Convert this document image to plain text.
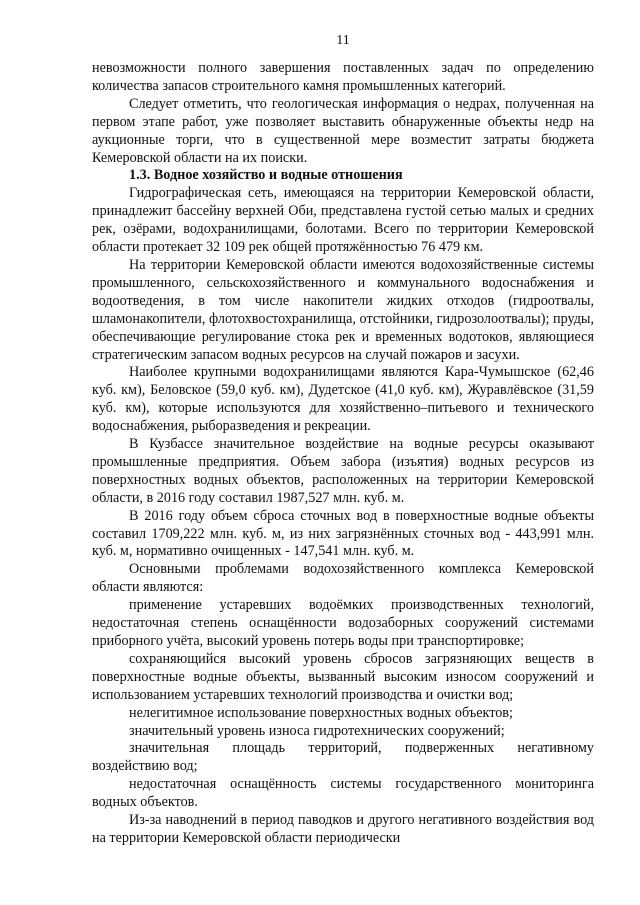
11

невозможности полного завершения поставленных задач по определению количества запасов строительного камня промышленных категорий.

Следует отметить, что геологическая информация о недрах, полученная на первом этапе работ, уже позволяет выставить обнаруженные объекты недр на аукционные торги, что в существенной мере возместит затраты бюджета Кемеровской области на их поиски.

1.3. Водное хозяйство и водные отношения

Гидрографическая сеть, имеющаяся на территории Кемеровской области, принадлежит бассейну верхней Оби, представлена густой сетью малых и средних рек, озёрами, водохранилищами, болотами. Всего по территории Кемеровской области протекает 32 109 рек общей протяжённостью 76 479 км.

На территории Кемеровской области имеются водохозяйственные системы промышленного, сельскохозяйственного и коммунального водоснабжения и водоотведения, в том числе накопители жидких отходов (гидроотвалы, шламонакопители, флотохвостохранилища, отстойники, гидрозолоотвалы); пруды, обеспечивающие регулирование стока рек и временных водотоков, являющиеся стратегическим запасом водных ресурсов на случай пожаров и засухи.

Наиболее крупными водохранилищами являются Кара-Чумышское (62,46 куб. км), Беловское (59,0 куб. км), Дудетское (41,0 куб. км), Журавлёвское (31,59 куб. км), которые используются для хозяйственно–питьевого и технического водоснабжения, рыборазведения и рекреации.

В Кузбассе значительное воздействие на водные ресурсы оказывают промышленные предприятия. Объем забора (изъятия) водных ресурсов из поверхностных водных объектов, расположенных на территории Кемеровской области, в 2016 году составил 1987,527 млн. куб. м.

В 2016 году объем сброса сточных вод в поверхностные водные объекты составил 1709,222 млн. куб. м, из них загрязнённых сточных вод - 443,991 млн. куб. м, нормативно очищенных - 147,541 млн. куб. м.

Основными проблемами водохозяйственного комплекса Кемеровской области являются:

применение устаревших водоёмких производственных технологий, недостаточная степень оснащённости водозаборных сооружений системами приборного учёта, высокий уровень потерь воды при транспортировке;

сохраняющийся высокий уровень сбросов загрязняющих веществ в поверхностные водные объекты, вызванный высоким износом сооружений и использованием устаревших технологий производства и очистки вод;

нелегитимное использование поверхностных водных объектов;

значительный уровень износа гидротехнических сооружений;

значительная площадь территорий, подверженных негативному воздействию вод;

недостаточная оснащённость системы государственного мониторинга водных объектов.

Из-за наводнений в период паводков и другого негативного воздействия вод на территории Кемеровской области периодически
